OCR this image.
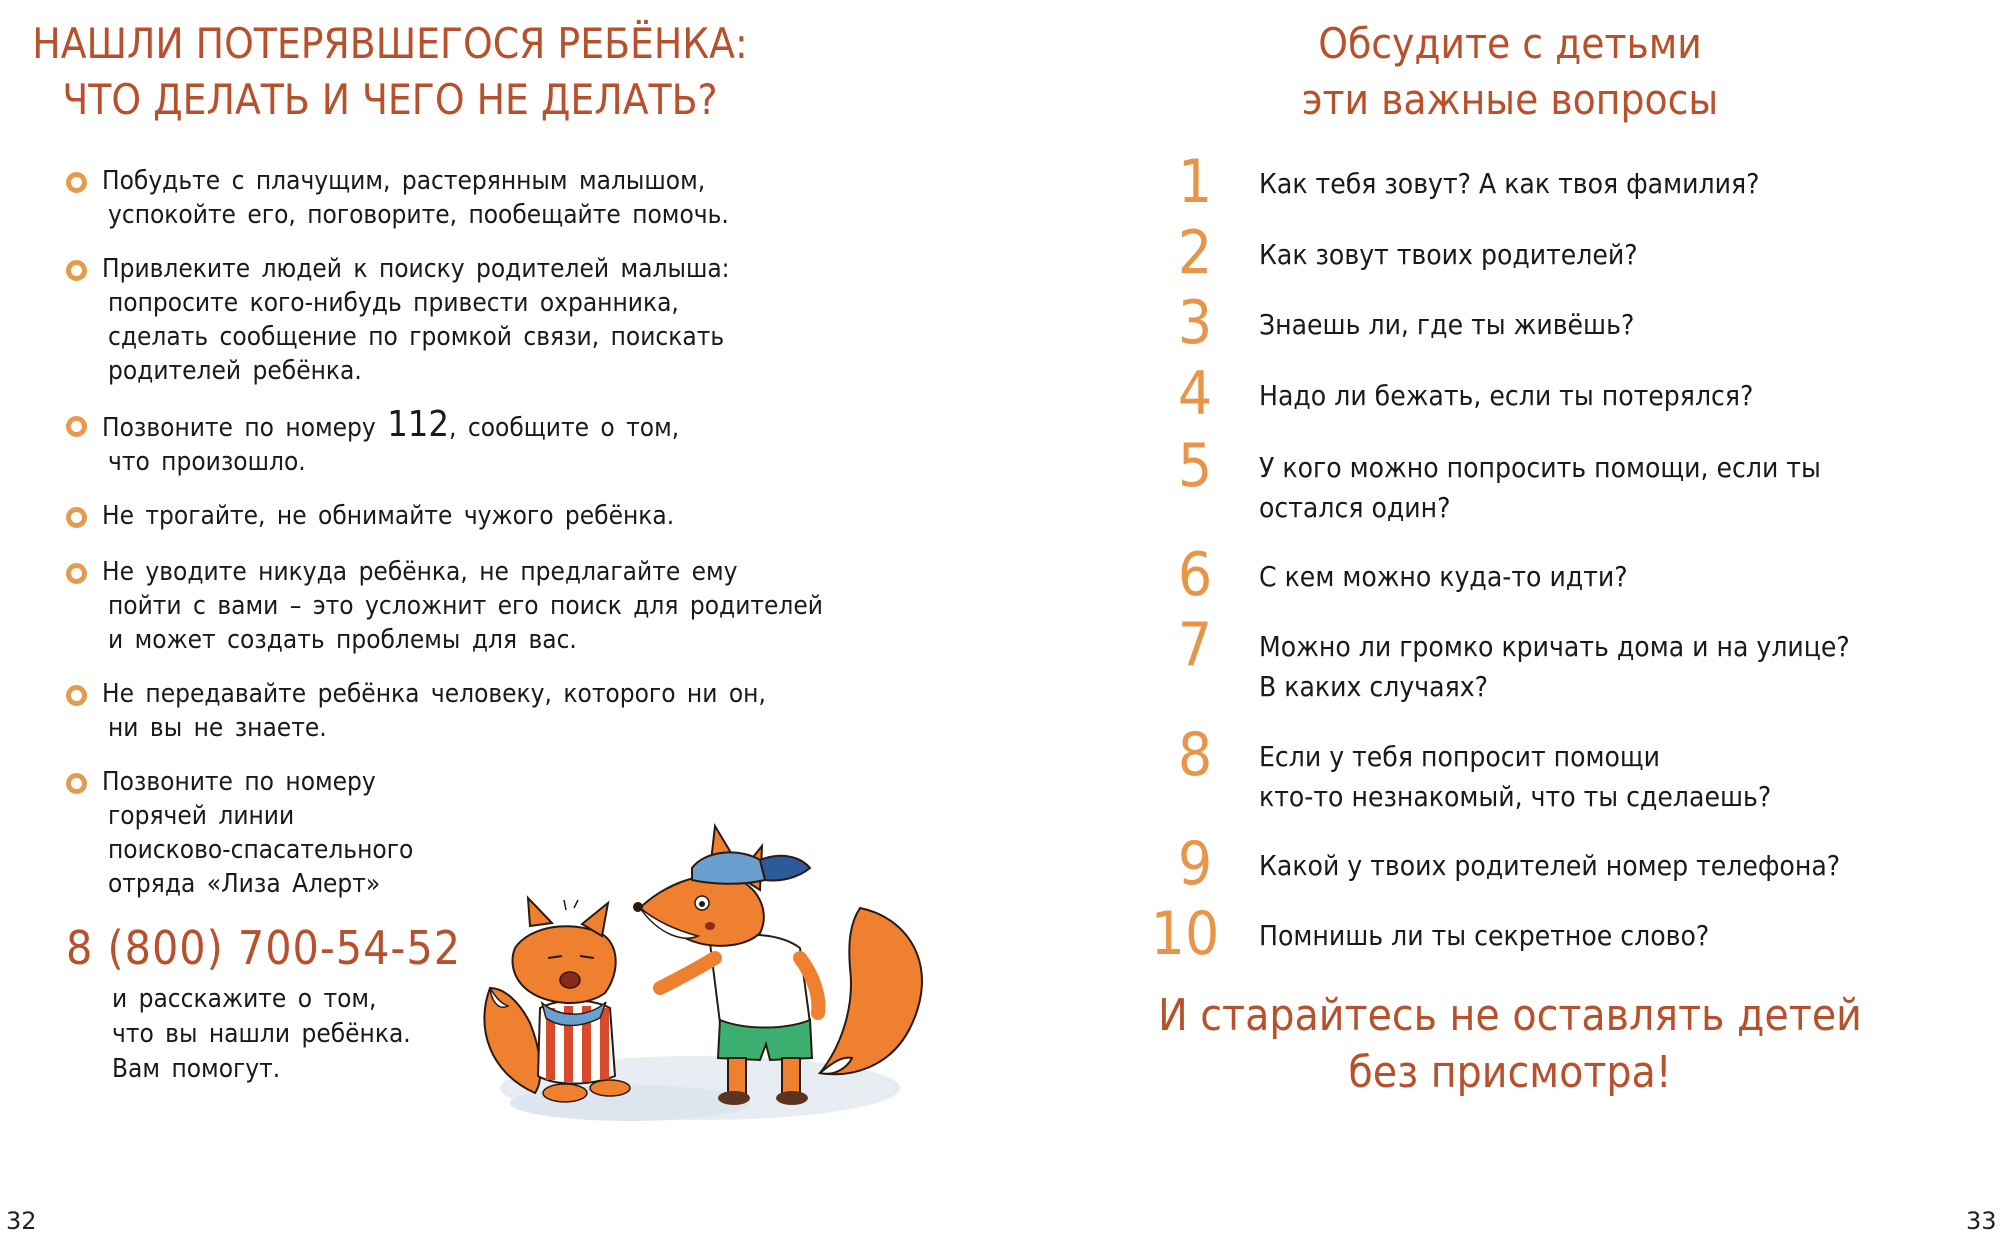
НАШЛИ ПОТЕРЯВШЕГОСЯ РЕБЁНКА:
ЧТО ДЕЛАТЬ И ЧЕГО НЕ ДЕЛАТЬ?
Побудьте с плачущим, растерянным малышом,
успокойте его, поговорите, пообещайте помочь.
Привлеките людей к поиску родителей малыша:
попросите кого-нибудь привести охранника,
сделать сообщение по громкой связи, поискать
родителей ребёнка.
Позвоните по номеру 112, сообщите о том,
что произошло.
Не трогайте, не обнимайте чужого ребёнка.
Не уводите никуда ребёнка, не предлагайте ему
пойти с вами – это усложнит его поиск для родителей
и может создать проблемы для вас.
Не передавайте ребёнка человеку, которого ни он,
ни вы не знаете.
Позвоните по номеру
горячей линии
поисково-спасательного
отряда «Лиза Алерт»
8 (800) 700-54-52
и расскажите о том,
что вы нашли ребёнка.
Вам помогут.
32
Обсудите с детьми
эти важные вопросы
1	Как тебя зовут? А как твоя фамилия?
2	Как зовут твоих родителей?
3	Знаешь ли, где ты живёшь?
4	Надо ли бежать, если ты потерялся?
5	У кого можно попросить помощи, если ты
остался один?
6	С кем можно куда-то идти?
7	Можно ли громко кричать дома и на улице?
В каких случаях?
8	Если у тебя попросит помощи
кто-то незнакомый, что ты сделаешь?
9	Какой у твоих родителей номер телефона?
10	Помнишь ли ты секретное слово?
И старайтесь не оставлять детей
без присмотра!
33
